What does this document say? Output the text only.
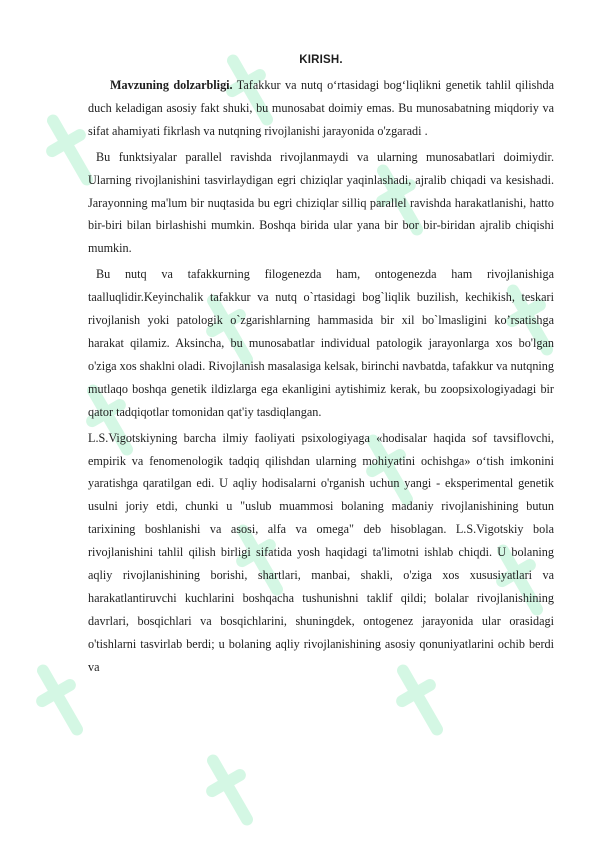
KIRISH.

Mavzuning dolzarbligi. Tafakkur va nutq o‘rtasidagi bog‘liqlikni genetik tahlil qilishda duch keladigan asosiy fakt shuki, bu munosabat doimiy emas. Bu munosabatning miqdoriy va sifat ahamiyati fikrlash va nutqning rivojlanishi jarayonida o'zgaradi .

Bu funktsiyalar parallel ravishda rivojlanmaydi va ularning munosabatlari doimiydir. Ularning rivojlanishini tasvirlaydigan egri chiziqlar yaqinlashadi, ajralib chiqadi va kesishadi. Jarayonning ma'lum bir nuqtasida bu egri chiziqlar silliq parallel ravishda harakatlanishi, hatto bir-biri bilan birlashishi mumkin. Boshqa birida ular yana bir bor bir-biridan ajralib chiqishi mumkin.

Bu nutq va tafakkurning filogenezda ham, ontogenezda ham rivojlanishiga taalluqlidir.Keyinchalik tafakkur va nutq o`rtasidagi bog`liqlik buzilish, kechikish, teskari rivojlanish yoki patologik o`zgarishlarning hammasida bir xil bo`lmasligini ko’rsatishga harakat qilamiz. Aksincha, bu munosabatlar individual patologik jarayonlarga xos bo'lgan o'ziga xos shaklni oladi. Rivojlanish masalasiga kelsak, birinchi navbatda, tafakkur va nutqning mutlaqo boshqa genetik ildizlarga ega ekanligini aytishimiz kerak, bu zoopsixologiyadagi bir qator tadqiqotlar tomonidan qat'iy tasdiqlangan.

L.S.Vigotskiyning barcha ilmiy faoliyati psixologiyaga «hodisalar haqida sof tavsiflovchi, empirik va fenomenologik tadqiq qilishdan ularning mohiyatini ochishga» o‘tish imkonini yaratishga qaratilgan edi. U aqliy hodisalarni o'rganish uchun yangi - eksperimental genetik usulni joriy etdi, chunki u "uslub muammosi bolaning madaniy rivojlanishining butun tarixining boshlanishi va asosi, alfa va omega" deb hisoblagan. L.S.Vigotskiy bola rivojlanishini tahlil qilish birligi sifatida yosh haqidagi ta'limotni ishlab chiqdi. U bolaning aqliy rivojlanishining borishi, shartlari, manbai, shakli, o'ziga xos xususiyatlari va harakatlantiruvchi kuchlarini boshqacha tushunishni taklif qildi; bolalar rivojlanishining davrlari, bosqichlari va bosqichlarini, shuningdek, ontogenez jarayonida ular orasidagi o'tishlarni tasvirlab berdi; u bolaning aqliy rivojlanishining asosiy qonuniyatlarini ochib berdi va
